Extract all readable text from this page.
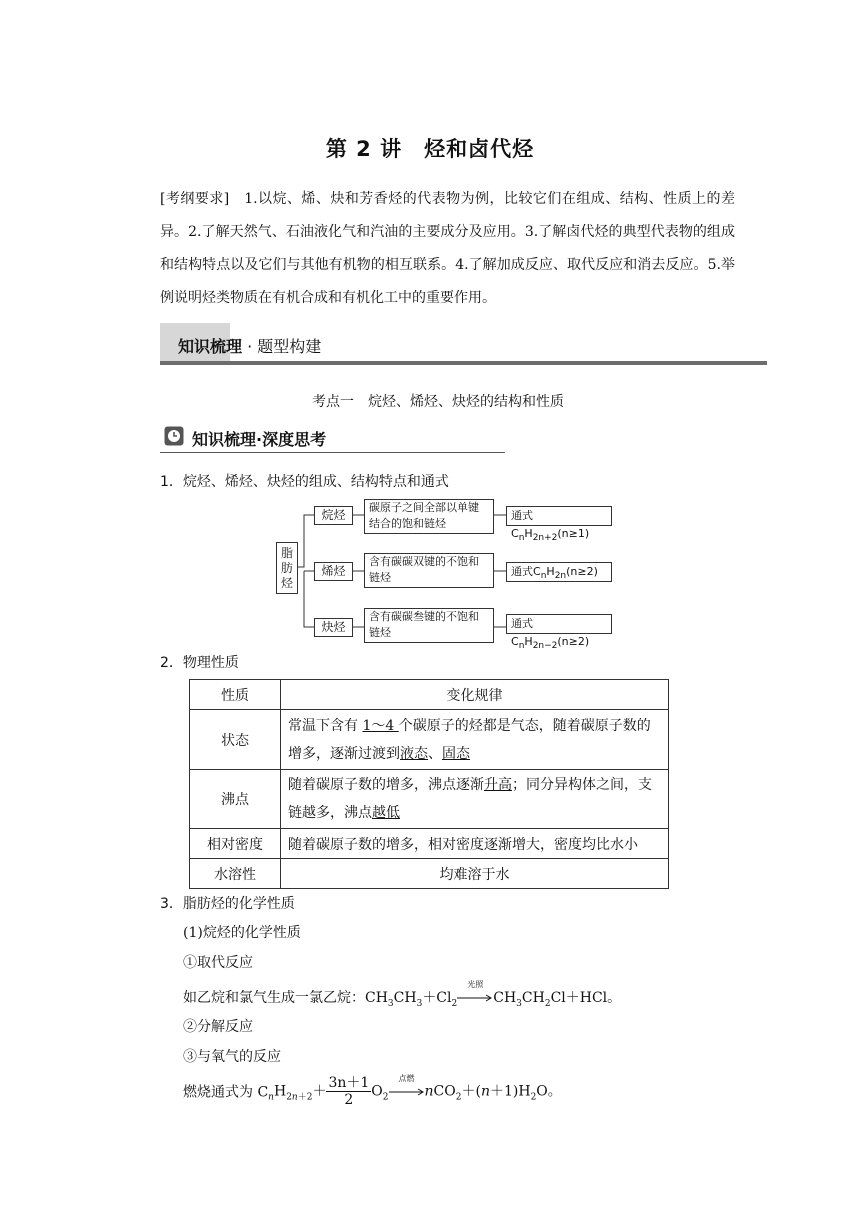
第 2 讲　烃和卤代烃
[考纲要求]　1.以烷、烯、炔和芳香烃的代表物为例，比较它们在组成、结构、性质上的差异。2.了解天然气、石油液化气和汽油的主要成分及应用。3.了解卤代烃的典型代表物的组成和结构特点以及它们与其他有机物的相互联系。4.了解加成反应、取代反应和消去反应。5.举例说明烃类物质在有机合成和有机化工中的重要作用。
知识梳理 · 题型构建
考点一　烷烃、烯烃、炔烃的结构和性质
知识梳理·深度思考
1．烷烃、烯烃、炔烃的组成、结构特点和通式
脂肪烃
烷烃
碳原子之间全部以单键结合的饱和链烃
通式$C_nH_{2n+2}(n\ge 1)$
烯烃
含有碳碳双键的不饱和链烃	通式$C_nH_{2n}(n\ge 2)$
炔烃
含有碳碳叁键的不饱和链烃
通式$C_nH_{2n-2}(n\ge 2)$
2．物理性质
性质	变化规律
状态	常温下含有 1～4 个碳原子的烃都是气态，随着碳原子数的增多，逐渐过渡到液态、固态
沸点	随着碳原子数的增多，沸点逐渐升高；同分异构体之间，支链越多，沸点越低
相对密度	随着碳原子数的增多，相对密度逐渐增大，密度均比水小
水溶性	均难溶于水
3．脂肪烃的化学性质
(1)烷烃的化学性质
①取代反应
如乙烷和氯气生成一氯乙烷：$CH_3CH_3+Cl_2$
光照
$CH_3CH_2Cl+HCl$。
②分解反应
③与氧气的反应
燃烧通式为 $C_nH_{2n+2}+ \frac{3n+1}{2} O_2$
点燃
$nCO_2+(n+1)H_2O$。
